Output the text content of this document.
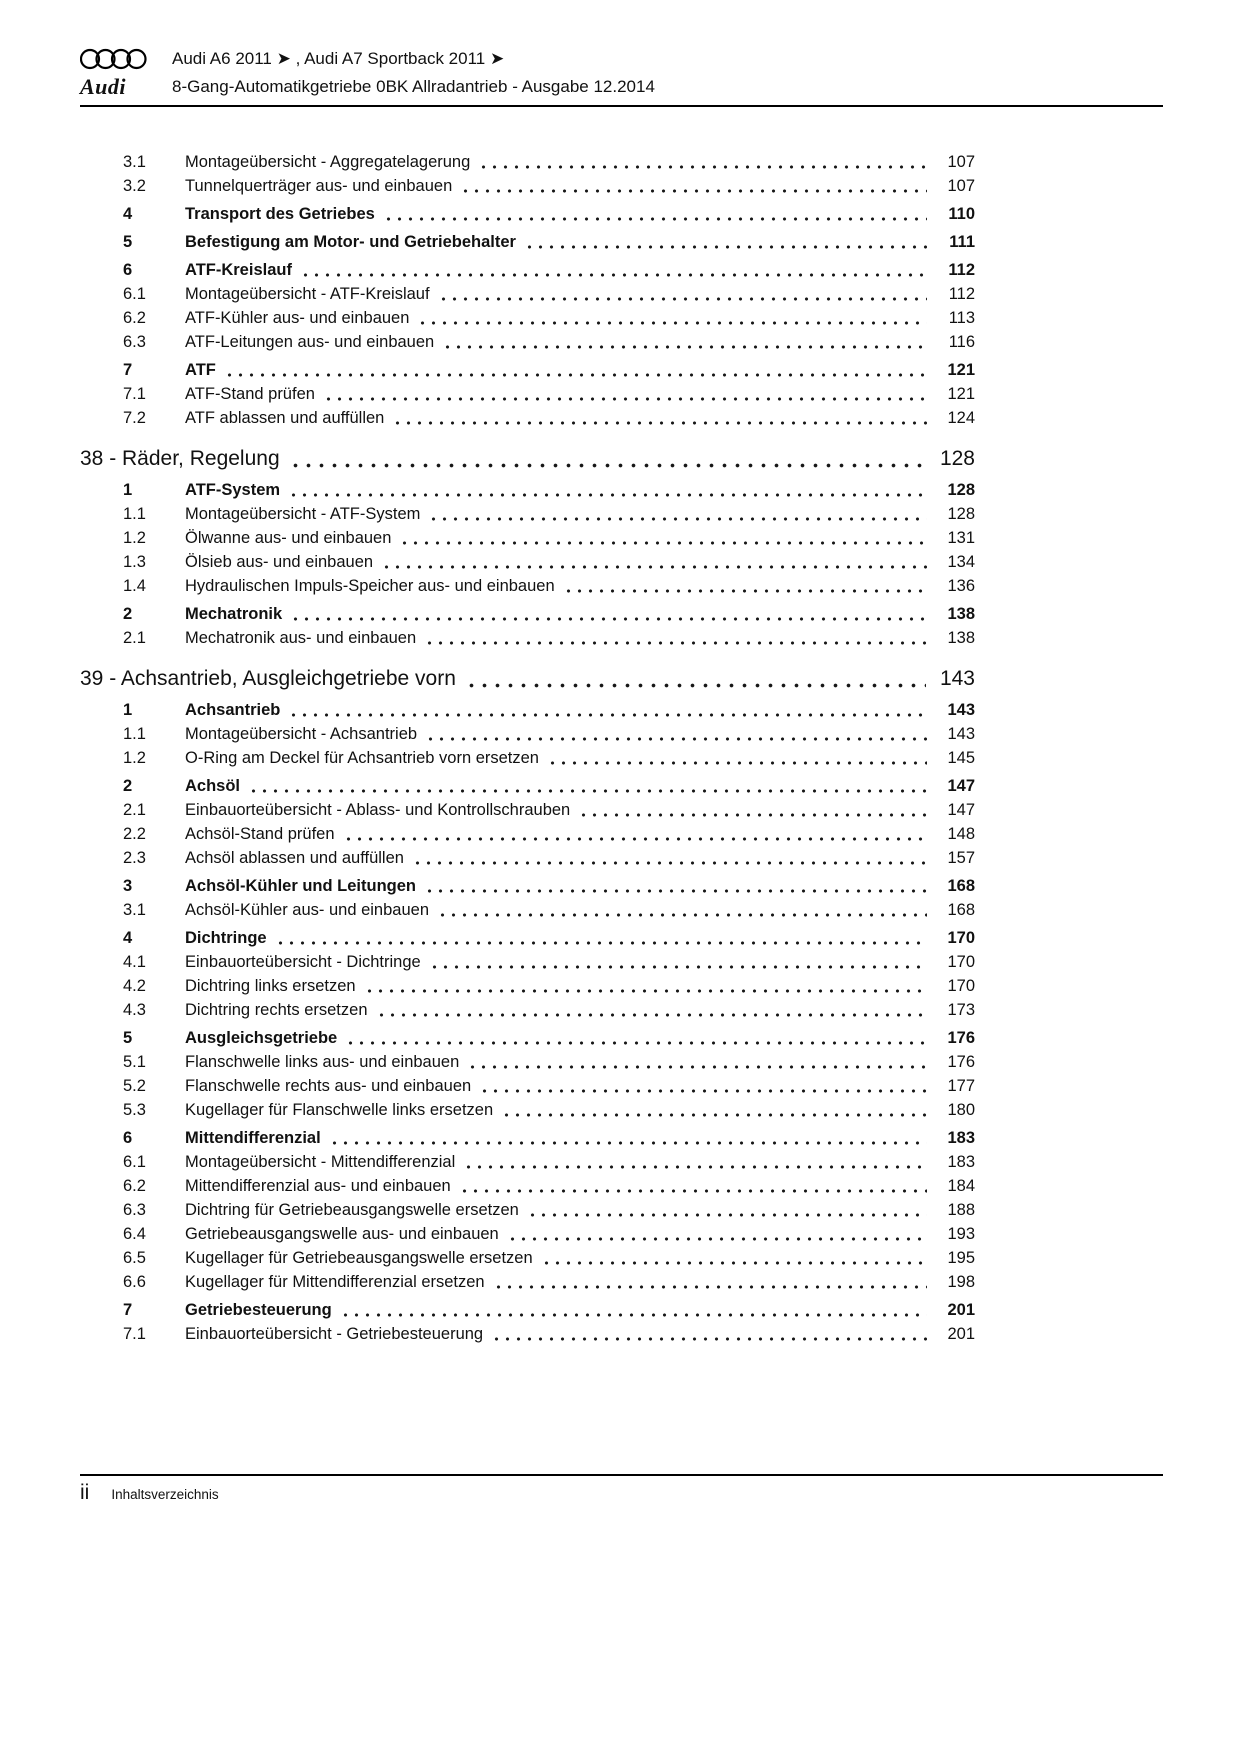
Audi A6 2011 ➤ , Audi A7 Sportback 2011 ➤
Audi	8-Gang-Automatikgetriebe 0BK Allradantrieb - Ausgabe 12.2014
3.1	Montageübersicht - Aggregatelagerung	107
3.2	Tunnelquerträger aus- und einbauen	107
4	Transport des Getriebes	110
5	Befestigung am Motor- und Getriebehalter	111
6	ATF-Kreislauf	112
6.1	Montageübersicht - ATF-Kreislauf	112
6.2	ATF-Kühler aus- und einbauen	113
6.3	ATF-Leitungen aus- und einbauen	116
7	ATF	121
7.1	ATF-Stand prüfen	121
7.2	ATF ablassen und auffüllen	124
38 - Räder, Regelung	128
1	ATF-System	128
1.1	Montageübersicht - ATF-System	128
1.2	Ölwanne aus- und einbauen	131
1.3	Ölsieb aus- und einbauen	134
1.4	Hydraulischen Impuls-Speicher aus- und einbauen	136
2	Mechatronik	138
2.1	Mechatronik aus- und einbauen	138
39 - Achsantrieb, Ausgleichgetriebe vorn	143
1	Achsantrieb	143
1.1	Montageübersicht - Achsantrieb	143
1.2	O-Ring am Deckel für Achsantrieb vorn ersetzen	145
2	Achsöl	147
2.1	Einbauorteübersicht - Ablass- und Kontrollschrauben	147
2.2	Achsöl-Stand prüfen	148
2.3	Achsöl ablassen und auffüllen	157
3	Achsöl-Kühler und Leitungen	168
3.1	Achsöl-Kühler aus- und einbauen	168
4	Dichtringe	170
4.1	Einbauorteübersicht - Dichtringe	170
4.2	Dichtring links ersetzen	170
4.3	Dichtring rechts ersetzen	173
5	Ausgleichsgetriebe	176
5.1	Flanschwelle links aus- und einbauen	176
5.2	Flanschwelle rechts aus- und einbauen	177
5.3	Kugellager für Flanschwelle links ersetzen	180
6	Mittendifferenzial	183
6.1	Montageübersicht - Mittendifferenzial	183
6.2	Mittendifferenzial aus- und einbauen	184
6.3	Dichtring für Getriebeausgangswelle ersetzen	188
6.4	Getriebeausgangswelle aus- und einbauen	193
6.5	Kugellager für Getriebeausgangswelle ersetzen	195
6.6	Kugellager für Mittendifferenzial ersetzen	198
7	Getriebesteuerung	201
7.1	Einbauorteübersicht - Getriebesteuerung	201
ii Inhaltsverzeichnis
